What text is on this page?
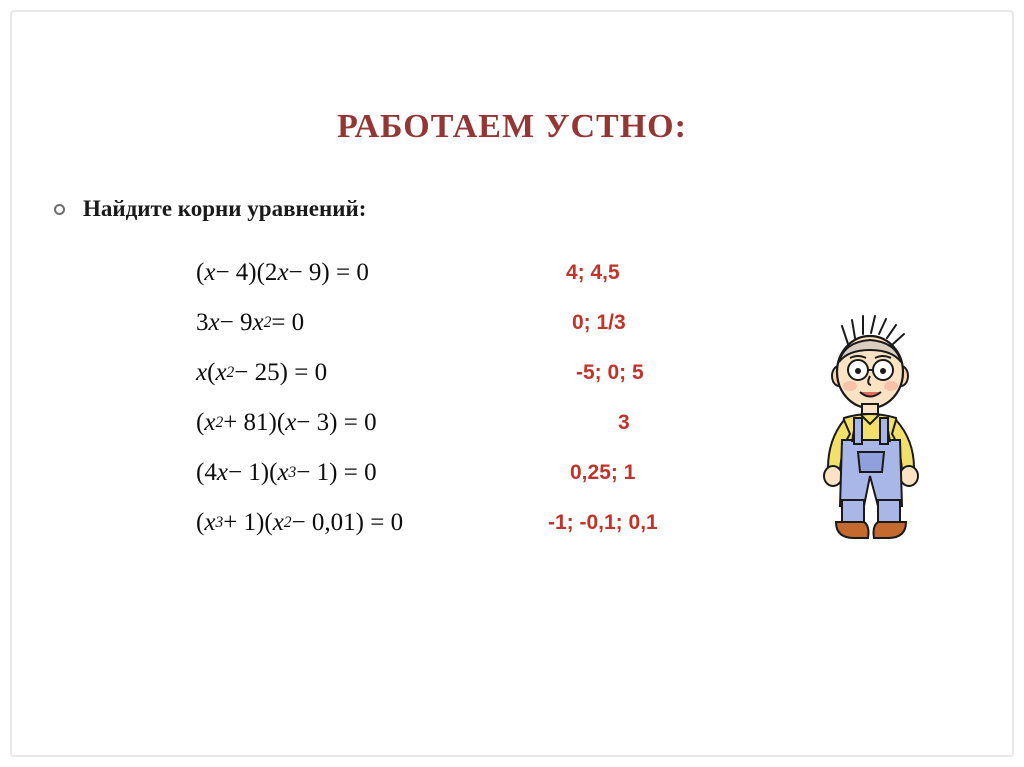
РАБОТАЕМ УСТНО:
Найдите корни уравнений:
( x − 4)(2 x − 9) = 0
3 x − 9 x 2 = 0
x ( x 2 − 25) = 0
( x 2 + 81)( x − 3) = 0
(4 x − 1)( x 3 − 1) = 0
( x 3 + 1)( x 2 − 0,01) = 0
4; 4,5
0; 1/3
-5; 0; 5
3
0,25; 1
-1; -0,1; 0,1
